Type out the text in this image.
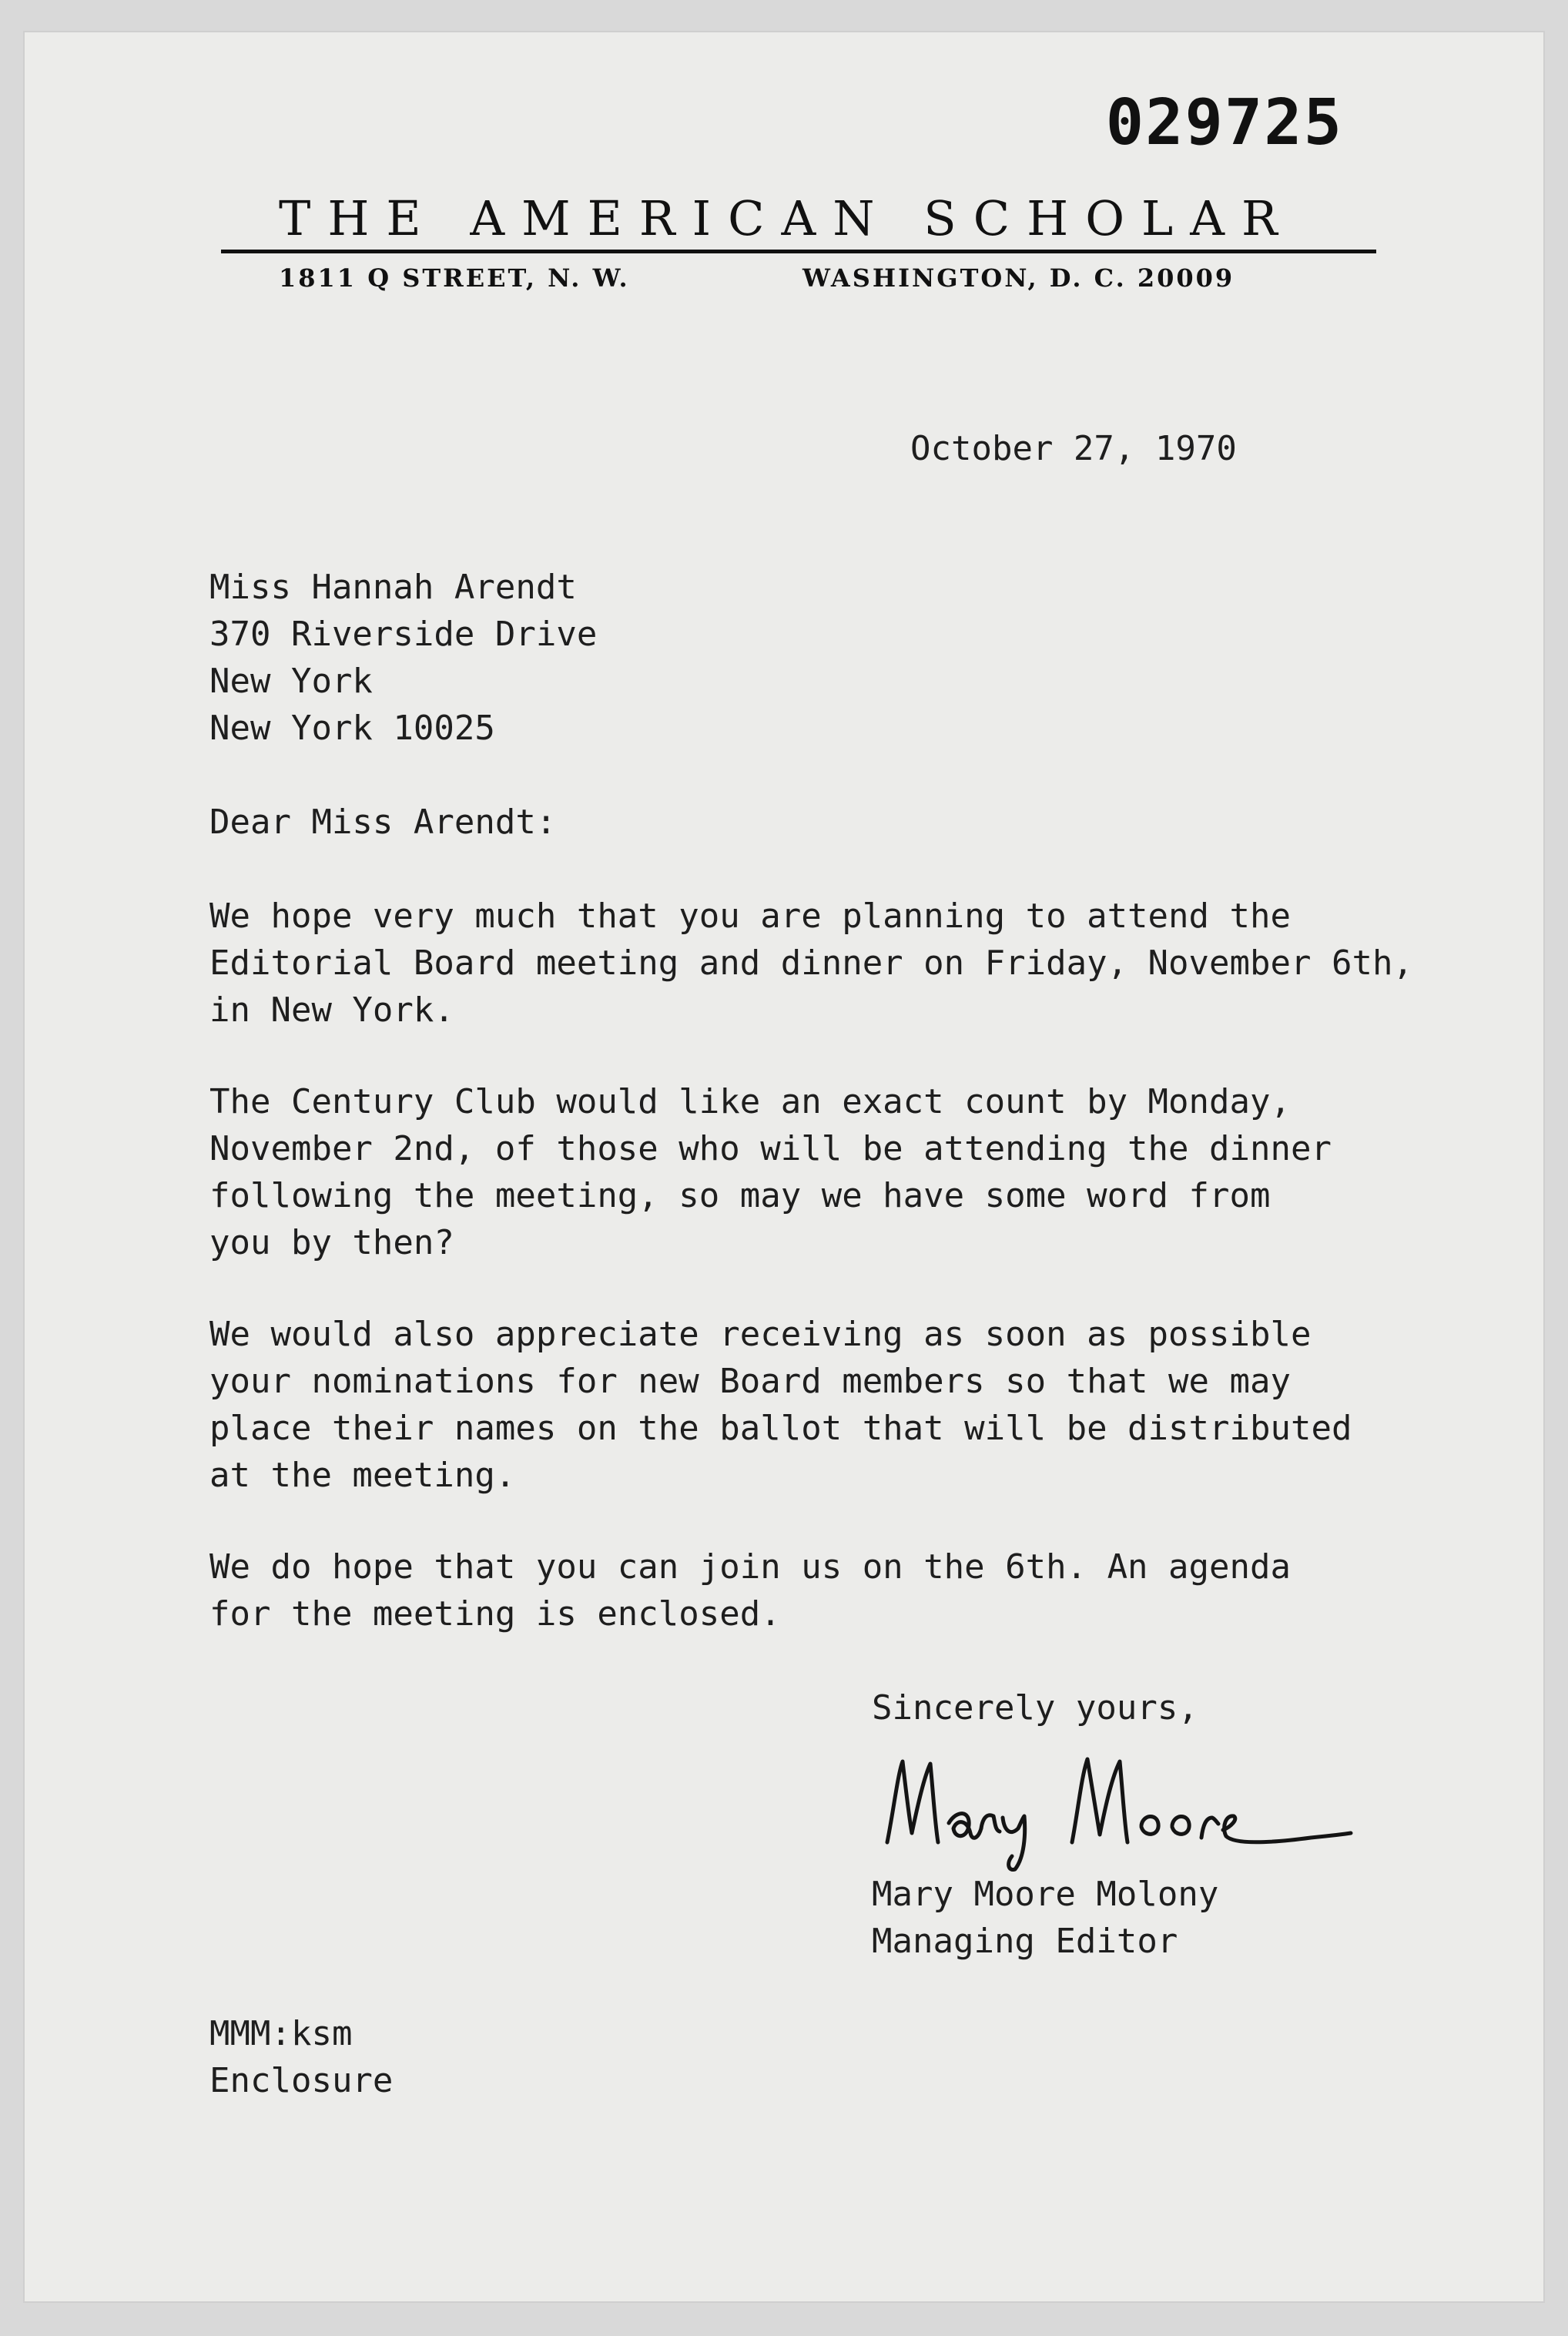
029725
THE AMERICAN SCHOLAR
1811 Q STREET, N. W.	WASHINGTON, D. C. 20009
October 27, 1970
Miss Hannah Arendt
370 Riverside Drive
New York
New York 10025
Dear Miss Arendt:
We hope very much that you are planning to attend the
Editorial Board meeting and dinner on Friday, November 6th,
in New York.
The Century Club would like an exact count by Monday,
November 2nd, of those who will be attending the dinner
following the meeting, so may we have some word from
you by then?
We would also appreciate receiving as soon as possible
your nominations for new Board members so that we may
place their names on the ballot that will be distributed
at the meeting.
We do hope that you can join us on the 6th. An agenda
for the meeting is enclosed.
Sincerely yours,
Mary Moore Molony
Managing Editor
MMM:ksm
Enclosure
